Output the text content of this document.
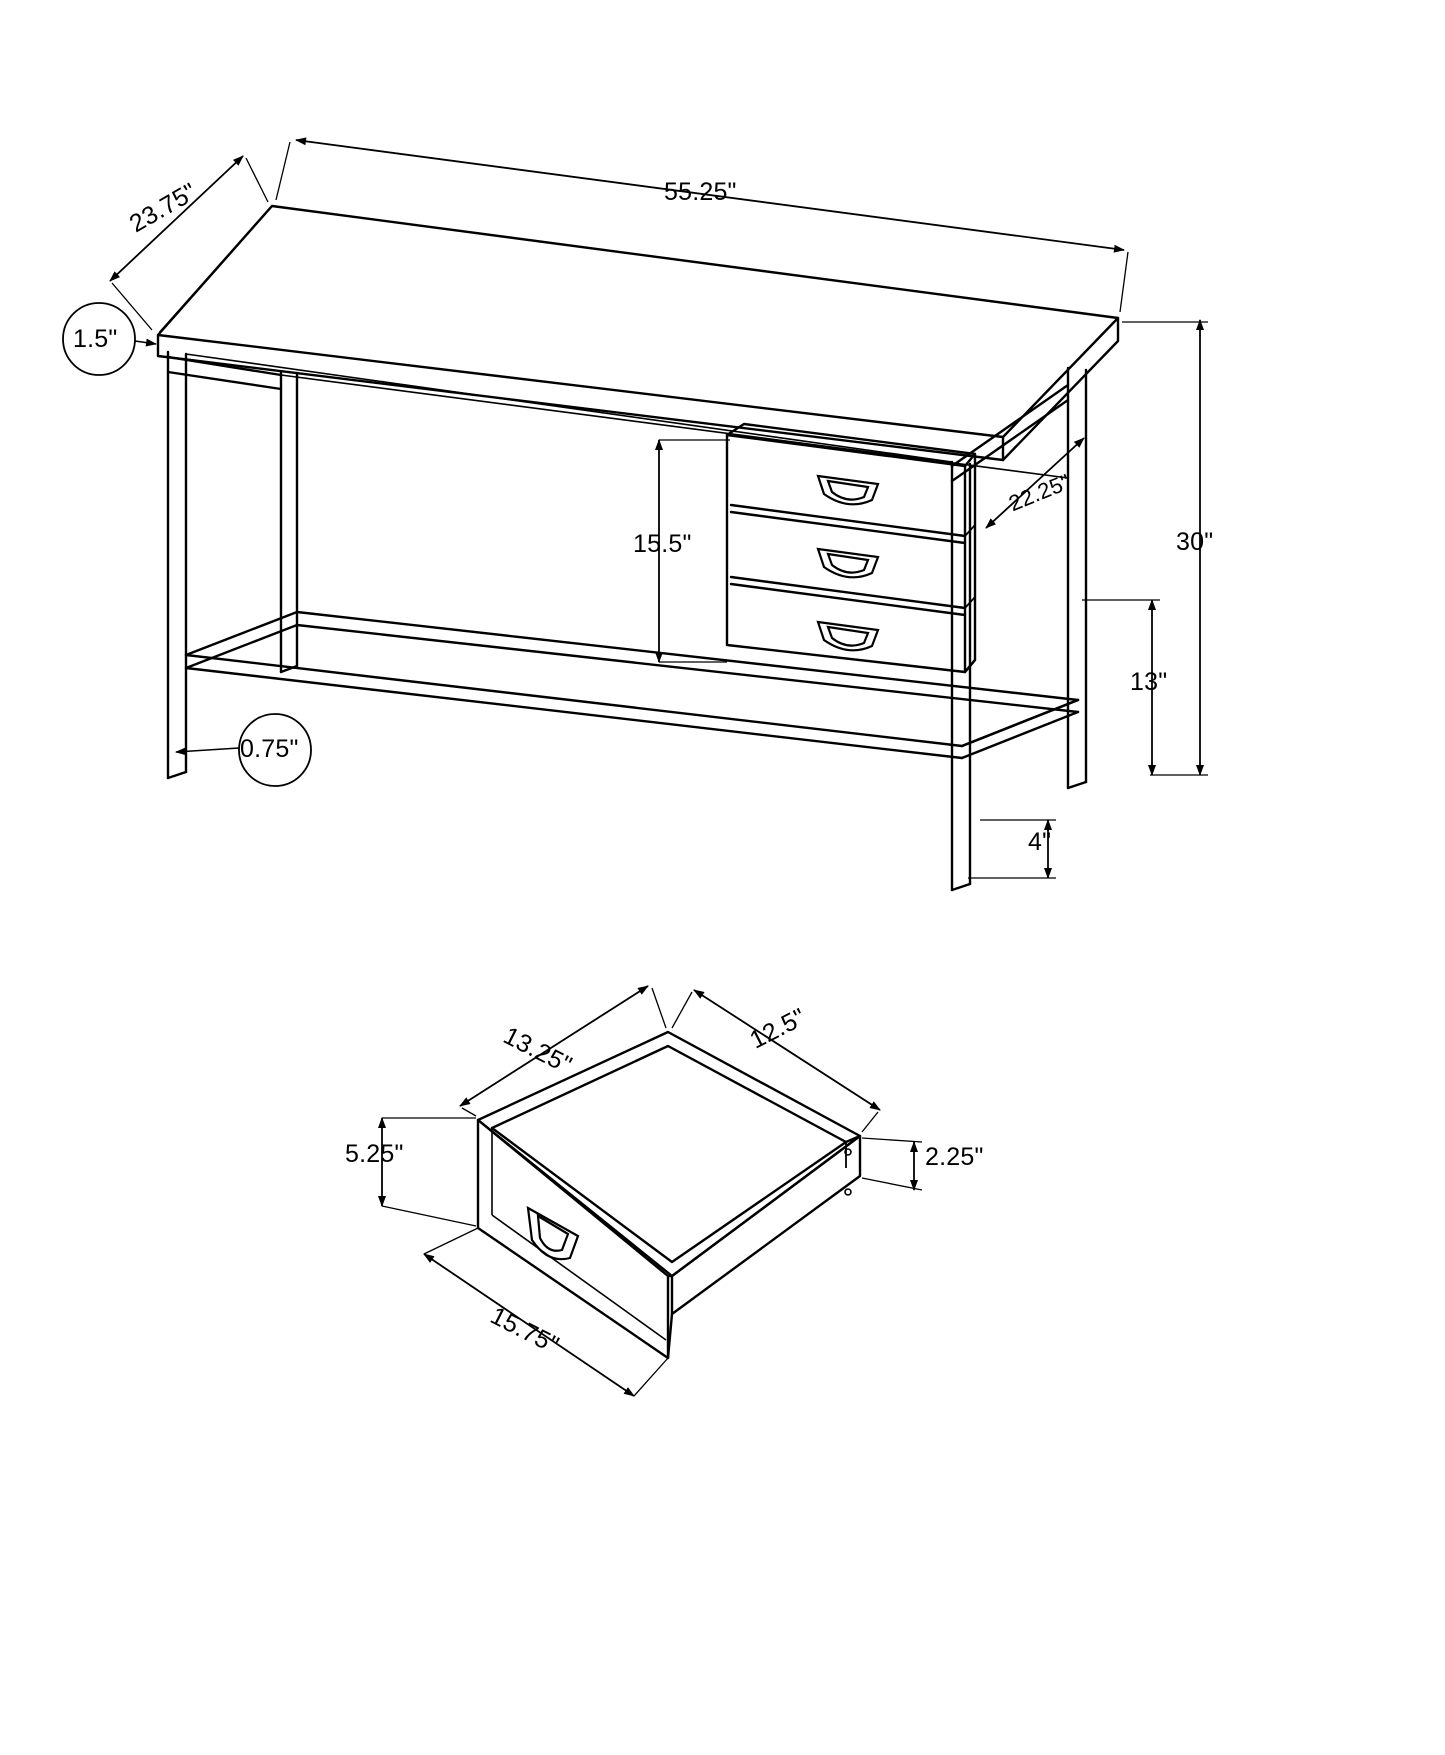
55.25"
23.75"
1.5"
0.75"
30"
15.5"
22.25"
13"
4"
13.25"	12.5"
5.25"	2.25"
15.75"
